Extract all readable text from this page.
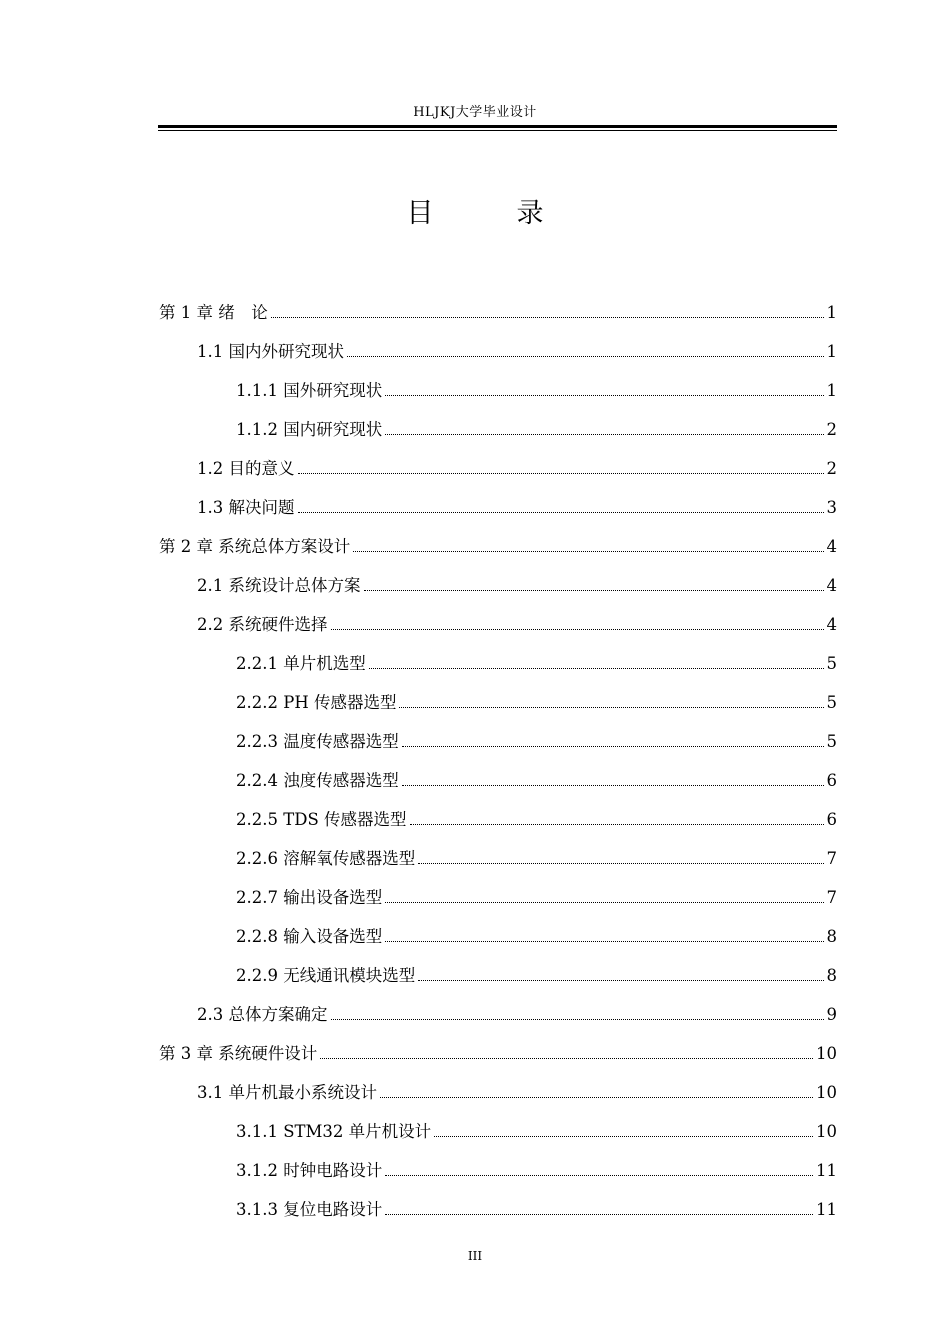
HLJKJ大学毕业设计
目　录
第 1 章 绪　论	1
1.1 国内外研究现状	1
1.1.1 国外研究现状	1
1.1.2 国内研究现状	2
1.2 目的意义	2
1.3 解决问题	3
第 2 章 系统总体方案设计	4
2.1 系统设计总体方案	4
2.2 系统硬件选择	4
2.2.1 单片机选型	5
2.2.2 PH 传感器选型	5
2.2.3 温度传感器选型	5
2.2.4 浊度传感器选型	6
2.2.5 TDS 传感器选型	6
2.2.6 溶解氧传感器选型	7
2.2.7 输出设备选型	7
2.2.8 输入设备选型	8
2.2.9 无线通讯模块选型	8
2.3 总体方案确定	9
第 3 章 系统硬件设计	10
3.1 单片机最小系统设计	10
3.1.1 STM32 单片机设计	10
3.1.2 时钟电路设计	11
3.1.3 复位电路设计	11
III
